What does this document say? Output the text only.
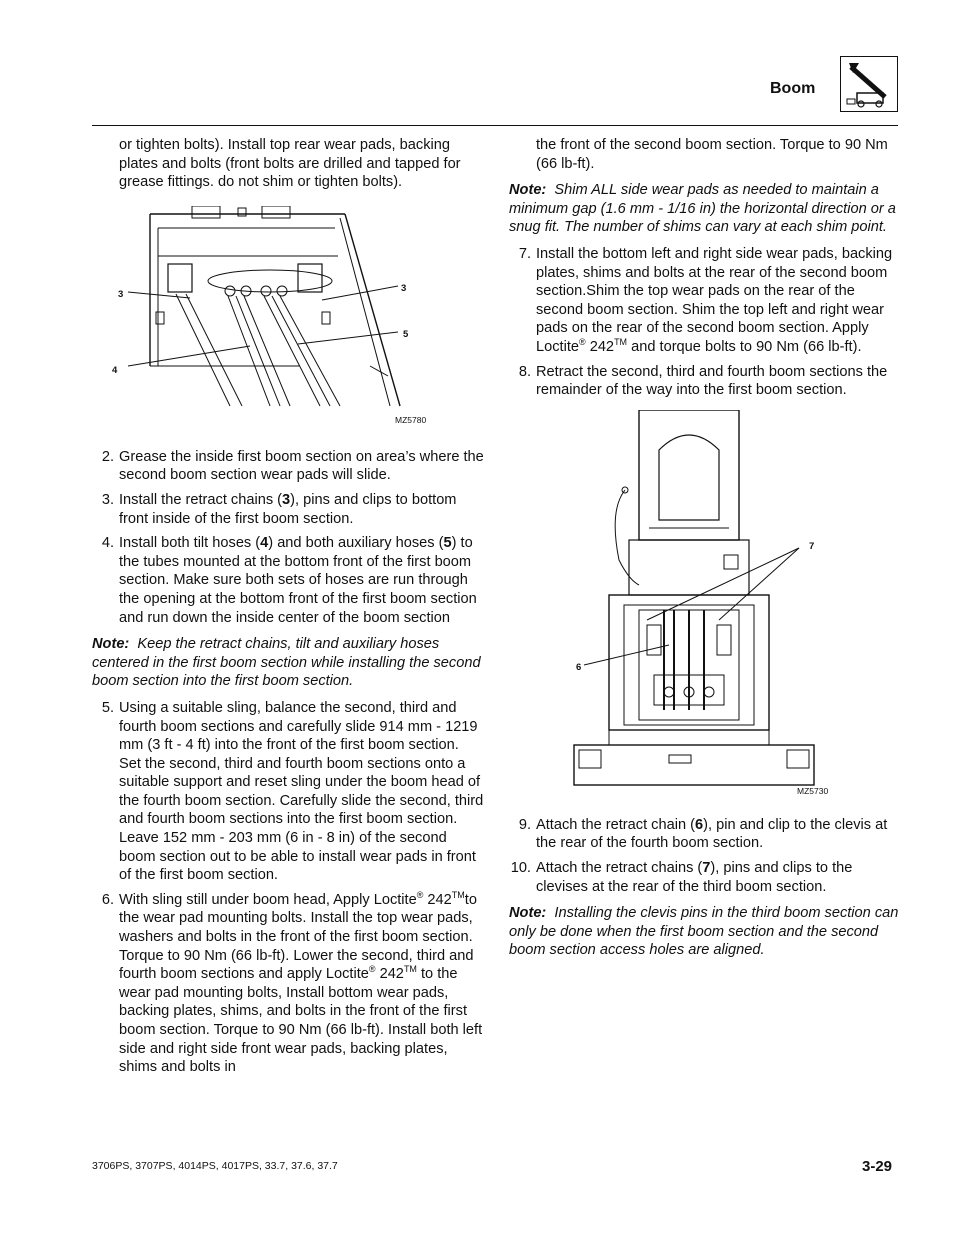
Boom

or tighten bolts). Install top rear wear pads, backing plates and bolts (front bolts are drilled and tapped for grease fittings. do not shim or tighten bolts).

3
3
4
5
MZ5780
2. Grease the inside first boom section on area’s where the second boom section wear pads will slide.
3. Install the retract chains (3), pins and clips to bottom front inside of the first boom section.
4. Install both tilt hoses (4) and both auxiliary hoses (5) to the tubes mounted at the bottom front of the first boom section. Make sure both sets of hoses are run through the opening at the bottom front of the first boom section and run down the inside center of the boom section

Note: Keep the retract chains, tilt and auxiliary hoses centered in the first boom section while installing the second boom section into the first boom section.

5. Using a suitable sling, balance the second, third and fourth boom sections and carefully slide 914 mm - 1219 mm (3 ft - 4 ft) into the front of the first boom section. Set the second, third and fourth boom sections onto a suitable support and reset sling under the boom head of the fourth boom section. Carefully slide the second, third and fourth boom sections into the first boom section. Leave 152 mm - 203 mm (6 in - 8 in) of the second boom section out to be able to install wear pads in front of the first boom section.
6. With sling still under boom head, Apply Loctite® 242™to the wear pad mounting bolts. Install the top wear pads, washers and bolts in the front of the first boom section. Torque to 90 Nm (66 lb-ft). Lower the second, third and fourth boom sections and apply Loctite® 242™ to the wear pad mounting bolts, Install bottom wear pads, backing plates, shims, and bolts in the front of the first boom section. Torque to 90 Nm (66 lb-ft). Install both left side and right side front wear pads, backing plates, shims and bolts in

the front of the second boom section. Torque to 90 Nm (66 lb-ft).

Note: Shim ALL side wear pads as needed to maintain a minimum gap (1.6 mm - 1/16 in) the horizontal direction or a snug fit. The number of shims can vary at each shim point.

7. Install the bottom left and right side wear pads, backing plates, shims and bolts at the rear of the second boom section.Shim the top wear pads on the rear of the second boom section. Shim the top left and right wear pads on the rear of the second boom section. Apply Loctite® 242™ and torque bolts to 90 Nm (66 lb-ft).
8. Retract the second, third and fourth boom sections the remainder of the way into the first boom section.
7
6
MZ5730
9. Attach the retract chain (6), pin and clip to the clevis at the rear of the fourth boom section.
10. Attach the retract chains (7), pins and clips to the clevises at the rear of the third boom section.

Note: Installing the clevis pins in the third boom section can only be done when the first boom section and the second boom section access holes are aligned.

3706PS, 3707PS, 4014PS, 4017PS, 33.7, 37.6, 37.7	3-29
